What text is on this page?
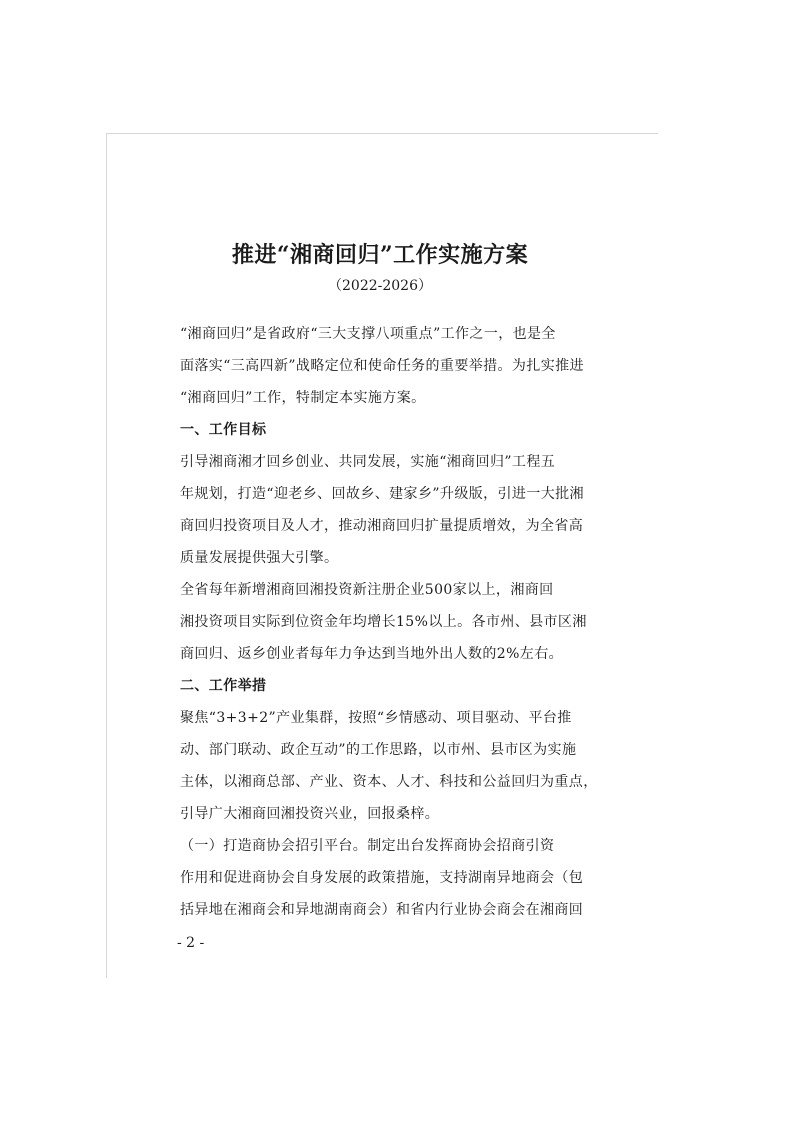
推进“湘商回归”工作实施方案
（2022-2026）
“湘商回归”是省政府“三大支撑八项重点”工作之一，也是全
面落实“三高四新”战略定位和使命任务的重要举措。为扎实推进
“湘商回归”工作，特制定本实施方案。
一、工作目标
引导湘商湘才回乡创业、共同发展，实施“湘商回归”工程五
年规划，打造“迎老乡、回故乡、建家乡”升级版，引进一大批湘
商回归投资项目及人才，推动湘商回归扩量提质增效，为全省高
质量发展提供强大引擎。
全省每年新增湘商回湘投资新注册企业500家以上，湘商回
湘投资项目实际到位资金年均增长15%以上。各市州、县市区湘
商回归、返乡创业者每年力争达到当地外出人数的2%左右。
二、工作举措
聚焦“3+3+2”产业集群，按照“乡情感动、项目驱动、平台推
动、部门联动、政企互动”的工作思路，以市州、县市区为实施
主体，以湘商总部、产业、资本、人才、科技和公益回归为重点，
引导广大湘商回湘投资兴业，回报桑梓。
（一）打造商协会招引平台。制定出台发挥商协会招商引资
作用和促进商协会自身发展的政策措施，支持湖南异地商会（包
括异地在湘商会和异地湖南商会）和省内行业协会商会在湘商回
- 2 -
